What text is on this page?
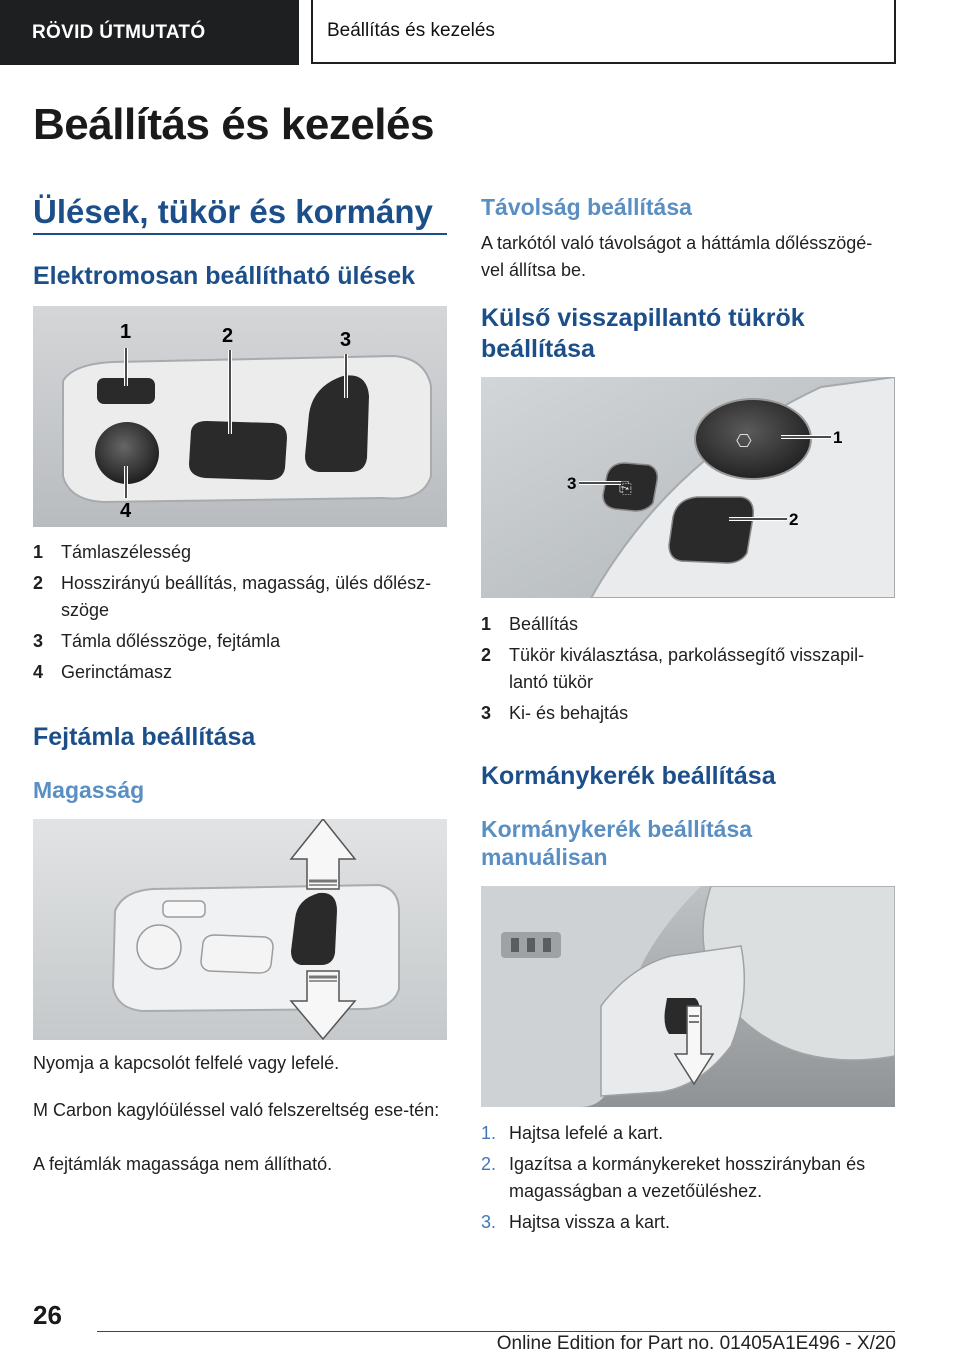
RÖVID ÚTMUTATÓ	Beállítás és kezelés
Beállítás és kezelés
Ülések, tükör és kormány
Elektromosan beállítható ülések
1	2	3
4
1 Támlaszélesség
2 Hosszirányú beállítás, magasság, ülés dőlész-szöge
3 Támla dőlésszöge, fejtámla
4 Gerinctámasz
Fejtámla beállítása
Magasság

Nyomja a kapcsolót felfelé vagy lefelé.

M Carbon kagylóüléssel való felszereltség ese-tén:

A fejtámlák magassága nem állítható.

Távolság beállítása

A tarkótól való távolságot a háttámla dőlésszögé-vel állítsa be.

Külső visszapillantó tükrök beállítása
⎔
⎘
1
2
3
1 Beállítás
2 Tükör kiválasztása, parkolássegítő visszapil-lantó tükör
3 Ki- és behajtás
Kormánykerék beállítása
Kormánykerék beállítása manuálisan
1. Hajtsa lefelé a kart.
2. Igazítsa a kormánykereket hosszirányban és magasságban a vezetőüléshez.
3. Hajtsa vissza a kart.

26

Online Edition for Part no. 01405A1E496 - X/20
